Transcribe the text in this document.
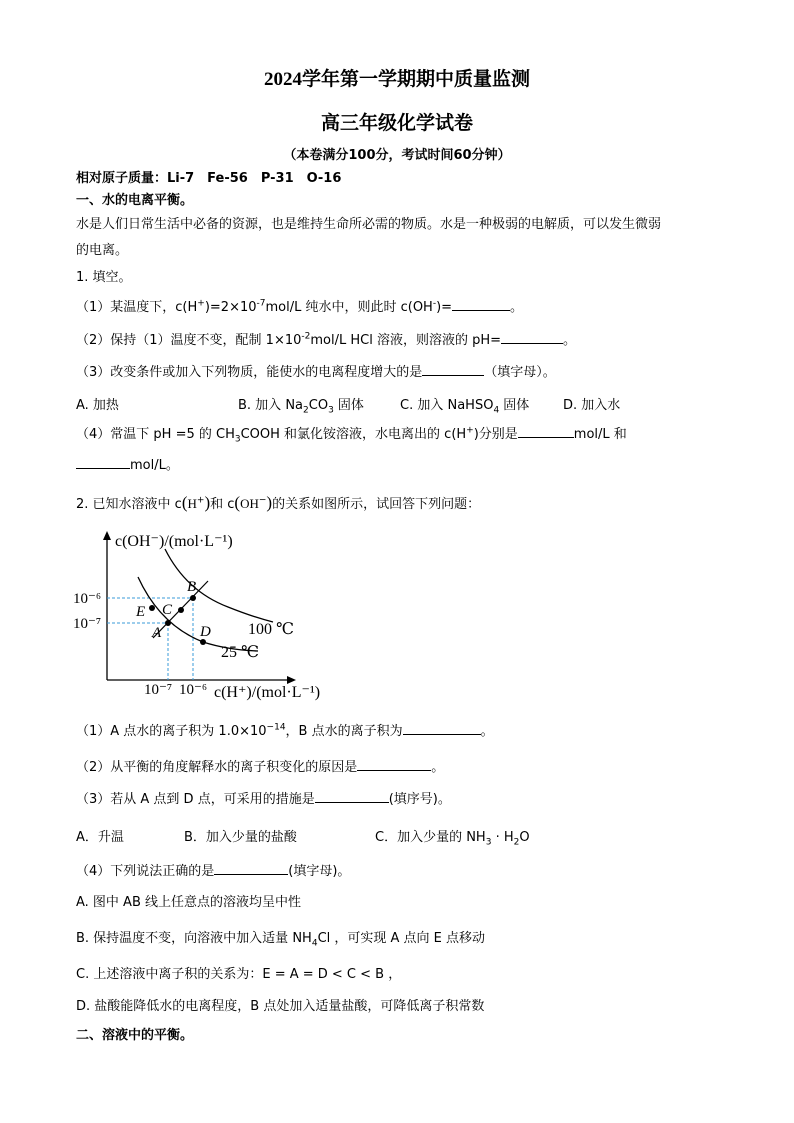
2024学年第一学期期中质量监测
高三年级化学试卷
（本卷满分100分，考试时间60分钟）
相对原子质量：Li-7　Fe-56　P-31　O-16
一、水的电离平衡。
水是人们日常生活中必备的资源，也是维持生命所必需的物质。水是一种极弱的电解质，可以发生微弱
的电离。
1. 填空。
（1）某温度下，$c(H^+)=2\times 10^{-7}mol/L$ 纯水中，则此时 c(OH-)=	。
（2）保持（1）温度不变，配制 $1\times 10^{-2}mol/L$ HCl 溶液，则溶液的 pH=	。
（3）改变条件或加入下列物质，能使水的电离程度增大的是	（填字母）。
A. 加热	B. 加入 $Na_2CO_3$ 固体	C. 加入 NaHSO$_4$ 固体	D. 加入水
（4）常温下 pH =5 的 $CH_3COOH$ 和氯化铵溶液，水电离出的 c(H+)分别是	mol/L 和
mol/L。
2. 已知水溶液中 c(H+)和 c(OH−)的关系如图所示，试回答下列问题：
A
B
C
D
E
100 ℃
25 ℃
10⁻⁶
10⁻⁷
10⁻⁷ 10⁻⁶
c(OH⁻)/(mol·L⁻¹)
c(H⁺)/(mol·L⁻¹)
（1）A 点水的离子积为 $1.0\times 10^{-14}$，B 点水的离子积为	。
（2）从平衡的角度解释水的离子积变化的原因是	。
（3）若从 A 点到 D 点，可采用的措施是	(填序号)。
A．升温	B．加入少量的盐酸	C．加入少量的 $NH_3 \cdot H_2O$
（4）下列说法正确的是	(填字母)。
A. 图中 AB 线上任意点的溶液均呈中性
B. 保持温度不变，向溶液中加入适量 $NH_4Cl$ ，可实现 A 点向 E 点移动
C. 上述溶液中离子积的关系为：E = A = D < C < B ，
D. 盐酸能降低水的电离程度，B 点处加入适量盐酸，可降低离子积常数
二、溶液中的平衡。
